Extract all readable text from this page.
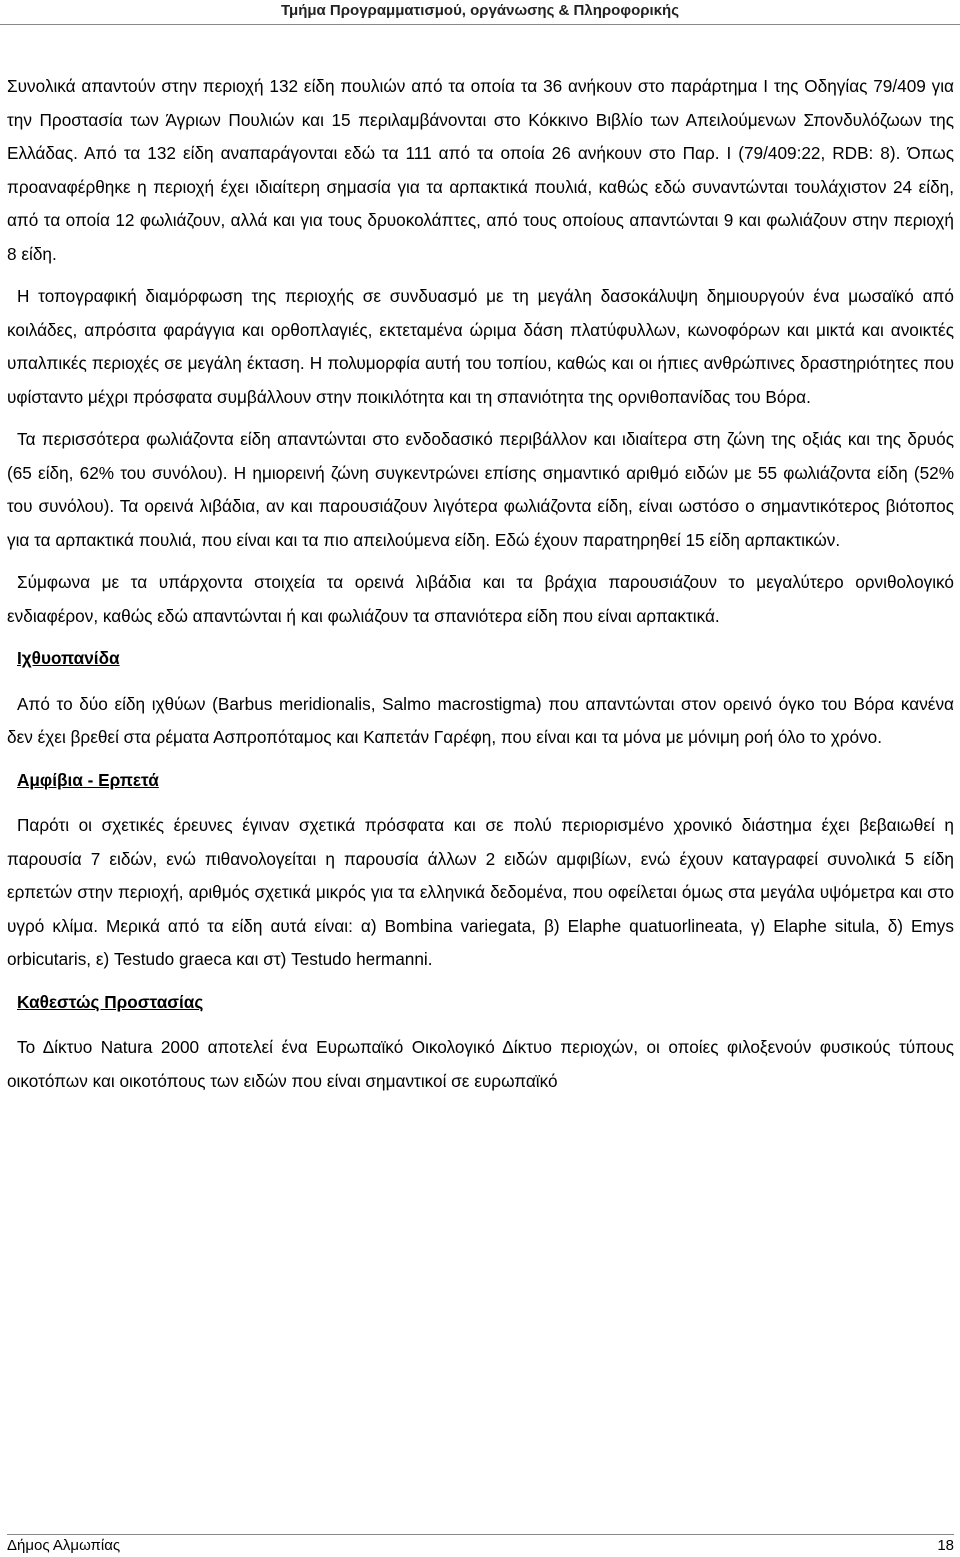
Τμήμα Προγραμματισμού, οργάνωσης & Πληροφορικής

Συνολικά απαντούν στην περιοχή 132 είδη πουλιών από τα οποία τα 36 ανήκουν στο παράρτημα Ι της Οδηγίας 79/409 για την Προστασία των Άγριων Πουλιών και 15 περιλαμβάνονται στο Κόκκινο Βιβλίο των Απειλούμενων Σπονδυλόζωων της Ελλάδας. Από τα 132 είδη αναπαράγονται εδώ τα 111 από τα οποία 26 ανήκουν στο Παρ. Ι (79/409:22, RDB: 8). Όπως προαναφέρθηκε η περιοχή έχει ιδιαίτερη σημασία για τα αρπακτικά πουλιά, καθώς εδώ συναντώνται τουλάχιστον 24 είδη, από τα οποία 12 φωλιάζουν, αλλά και για τους δρυοκολάπτες, από τους οποίους απαντώνται 9 και φωλιάζουν στην περιοχή 8 είδη.

Η τοπογραφική διαμόρφωση της περιοχής σε συνδυασμό με τη μεγάλη δασοκάλυψη δημιουργούν ένα μωσαϊκό από κοιλάδες, απρόσιτα φαράγγια και ορθοπλαγιές, εκτεταμένα ώριμα δάση πλατύφυλλων, κωνοφόρων και μικτά και ανοικτές υπαλπικές περιοχές σε μεγάλη έκταση. Η πολυμορφία αυτή του τοπίου, καθώς και οι ήπιες ανθρώπινες δραστηριότητες που υφίσταντο μέχρι πρόσφατα συμβάλλουν στην ποικιλότητα και τη σπανιότητα της ορνιθοπανίδας του Βόρα.

Τα περισσότερα φωλιάζοντα είδη απαντώνται στο ενδοδασικό περιβάλλον και ιδιαίτερα στη ζώνη της οξιάς και της δρυός (65 είδη, 62% του συνόλου). Η ημιορεινή ζώνη συγκεντρώνει επίσης σημαντικό αριθμό ειδών με 55 φωλιάζοντα είδη (52% του συνόλου). Τα ορεινά λιβάδια, αν και παρουσιάζουν λιγότερα φωλιάζοντα είδη, είναι ωστόσο ο σημαντικότερος βιότοπος για τα αρπακτικά πουλιά, που είναι και τα πιο απειλούμενα είδη. Εδώ έχουν παρατηρηθεί 15 είδη αρπακτικών.

Σύμφωνα με τα υπάρχοντα στοιχεία τα ορεινά λιβάδια και τα βράχια παρουσιάζουν το μεγαλύτερο ορνιθολογικό ενδιαφέρον, καθώς εδώ απαντώνται ή και φωλιάζουν τα σπανιότερα είδη που είναι αρπακτικά.

Ιχθυοπανίδα

Από το δύο είδη ιχθύων (Barbus meridionalis, Salmo macrostigma) που απαντώνται στον ορεινό όγκο του Βόρα κανένα δεν έχει βρεθεί στα ρέματα Ασπροπόταμος και Καπετάν Γαρέφη, που είναι και τα μόνα με μόνιμη ροή όλο το χρόνο.

Αμφίβια - Ερπετά

Παρότι οι σχετικές έρευνες έγιναν σχετικά πρόσφατα και σε πολύ περιορισμένο χρονικό διάστημα έχει βεβαιωθεί η παρουσία 7 ειδών, ενώ πιθανολογείται η παρουσία άλλων 2 ειδών αμφιβίων, ενώ έχουν καταγραφεί συνολικά 5 είδη ερπετών στην περιοχή, αριθμός σχετικά μικρός για τα ελληνικά δεδομένα, που οφείλεται όμως στα μεγάλα υψόμετρα και στο υγρό κλίμα. Μερικά από τα είδη αυτά είναι: α) Bombina variegata, β) Elaphe quatuorlineata, γ) Elaphe situla, δ) Emys orbicutaris, ε) Testudo graeca και στ) Testudo hermanni.

Καθεστώς Προστασίας

Το Δίκτυο Natura 2000 αποτελεί ένα Ευρωπαϊκό Οικολογικό Δίκτυο περιοχών, οι οποίες φιλοξενούν φυσικούς τύπους οικοτόπων και οικοτόπους των ειδών που είναι σημαντικοί σε ευρωπαϊκό

Δήμος Αλμωπίας	18
